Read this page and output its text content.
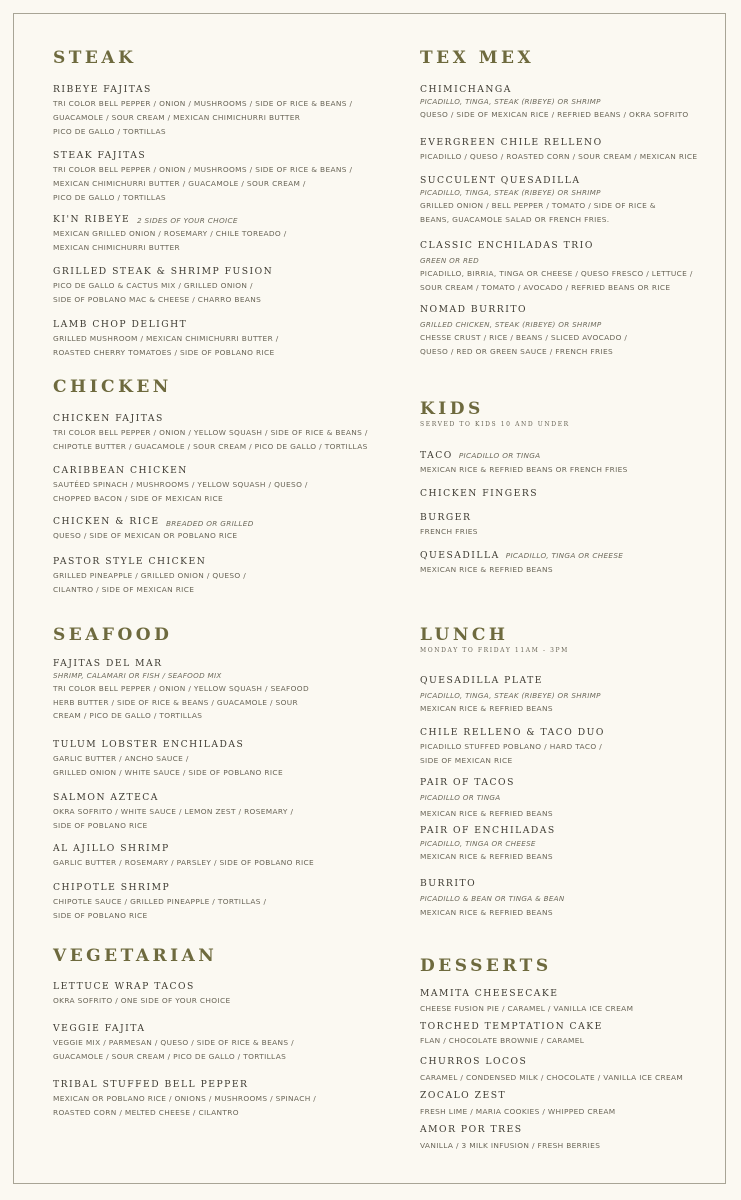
STEAK
RIBEYE FAJITAS
TRI COLOR BELL PEPPER / ONION / MUSHROOMS / SIDE OF RICE & BEANS /
GUACAMOLE / SOUR CREAM / MEXICAN CHIMICHURRI BUTTER
PICO DE GALLO / TORTILLAS
STEAK FAJITAS
TRI COLOR BELL PEPPER / ONION / MUSHROOMS / SIDE OF RICE & BEANS /
MEXICAN CHIMICHURRI BUTTER / GUACAMOLE / SOUR CREAM /
PICO DE GALLO / TORTILLAS
KI'N RIBEYE 2 SIDES OF YOUR CHOICE
MEXICAN GRILLED ONION / ROSEMARY / CHILE TOREADO /
MEXICAN CHIMICHURRI BUTTER
GRILLED STEAK & SHRIMP FUSION
PICO DE GALLO & CACTUS MIX / GRILLED ONION /
SIDE OF POBLANO MAC & CHEESE / CHARRO BEANS
LAMB CHOP DELIGHT
GRILLED MUSHROOM / MEXICAN CHIMICHURRI BUTTER /
ROASTED CHERRY TOMATOES / SIDE OF POBLANO RICE
CHICKEN
CHICKEN FAJITAS
TRI COLOR BELL PEPPER / ONION / YELLOW SQUASH / SIDE OF RICE & BEANS /
CHIPOTLE BUTTER / GUACAMOLE / SOUR CREAM / PICO DE GALLO / TORTILLAS
CARIBBEAN CHICKEN
SAUTÉED SPINACH / MUSHROOMS / YELLOW SQUASH / QUESO /
CHOPPED BACON / SIDE OF MEXICAN RICE
CHICKEN & RICE BREADED OR GRILLED
QUESO / SIDE OF MEXICAN OR POBLANO RICE
PASTOR STYLE CHICKEN
GRILLED PINEAPPLE / GRILLED ONION / QUESO /
CILANTRO / SIDE OF MEXICAN RICE
SEAFOOD
FAJITAS DEL MAR
SHRIMP, CALAMARI OR FISH / SEAFOOD MIX
TRI COLOR BELL PEPPER / ONION / YELLOW SQUASH / SEAFOOD
HERB BUTTER / SIDE OF RICE & BEANS / GUACAMOLE / SOUR
CREAM / PICO DE GALLO / TORTILLAS
TULUM LOBSTER ENCHILADAS
GARLIC BUTTER / ANCHO SAUCE /
GRILLED ONION / WHITE SAUCE / SIDE OF POBLANO RICE
SALMON AZTECA
OKRA SOFRITO / WHITE SAUCE / LEMON ZEST / ROSEMARY /
SIDE OF POBLANO RICE
AL AJILLO SHRIMP
GARLIC BUTTER / ROSEMARY / PARSLEY / SIDE OF POBLANO RICE
CHIPOTLE SHRIMP
CHIPOTLE SAUCE / GRILLED PINEAPPLE / TORTILLAS /
SIDE OF POBLANO RICE
VEGETARIAN
LETTUCE WRAP TACOS
OKRA SOFRITO / ONE SIDE OF YOUR CHOICE
VEGGIE FAJITA
VEGGIE MIX / PARMESAN / QUESO / SIDE OF RICE & BEANS /
GUACAMOLE / SOUR CREAM / PICO DE GALLO / TORTILLAS
TRIBAL STUFFED BELL PEPPER
MEXICAN OR POBLANO RICE / ONIONS / MUSHROOMS / SPINACH /
ROASTED CORN / MELTED CHEESE / CILANTRO
TEX MEX
CHIMICHANGA
PICADILLO, TINGA, STEAK (RIBEYE) OR SHRIMP
QUESO / SIDE OF MEXICAN RICE / REFRIED BEANS / OKRA SOFRITO
EVERGREEN CHILE RELLENO
PICADILLO / QUESO / ROASTED CORN / SOUR CREAM / MEXICAN RICE
SUCCULENT QUESADILLA
PICADILLO, TINGA, STEAK (RIBEYE) OR SHRIMP
GRILLED ONION / BELL PEPPER / TOMATO / SIDE OF RICE &
BEANS, GUACAMOLE SALAD OR FRENCH FRIES.
CLASSIC ENCHILADAS TRIO
GREEN OR RED
PICADILLO, BIRRIA, TINGA OR CHEESE / QUESO FRESCO / LETTUCE /
SOUR CREAM / TOMATO / AVOCADO / REFRIED BEANS OR RICE
NOMAD BURRITO
GRILLED CHICKEN, STEAK (RIBEYE) OR SHRIMP
CHESSE CRUST / RICE / BEANS / SLICED AVOCADO /
QUESO / RED OR GREEN SAUCE / FRENCH FRIES
KIDS
SERVED TO KIDS 10 AND UNDER
TACO PICADILLO OR TINGA
MEXICAN RICE & REFRIED BEANS OR FRENCH FRIES
CHICKEN FINGERS
BURGER
FRENCH FRIES
QUESADILLA PICADILLO, TINGA OR CHEESE
MEXICAN RICE & REFRIED BEANS
LUNCH
MONDAY TO FRIDAY 11AM - 3PM
QUESADILLA PLATE
PICADILLO, TINGA, STEAK (RIBEYE) OR SHRIMP
MEXICAN RICE & REFRIED BEANS
CHILE RELLENO & TACO DUO
PICADILLO STUFFED POBLANO / HARD TACO /
SIDE OF MEXICAN RICE
PAIR OF TACOS
PICADILLO OR TINGA
MEXICAN RICE & REFRIED BEANS
PAIR OF ENCHILADAS
PICADILLO, TINGA OR CHEESE
MEXICAN RICE & REFRIED BEANS
BURRITO
PICADILLO & BEAN OR TINGA & BEAN
MEXICAN RICE & REFRIED BEANS
DESSERTS
MAMITA CHEESECAKE
CHEESE FUSION PIE / CARAMEL / VANILLA ICE CREAM
TORCHED TEMPTATION CAKE
FLAN / CHOCOLATE BROWNIE / CARAMEL
CHURROS LOCOS
CARAMEL / CONDENSED MILK / CHOCOLATE / VANILLA ICE CREAM
ZOCALO ZEST
FRESH LIME / MARIA COOKIES / WHIPPED CREAM
AMOR POR TRES
VANILLA / 3 MILK INFUSION / FRESH BERRIES
